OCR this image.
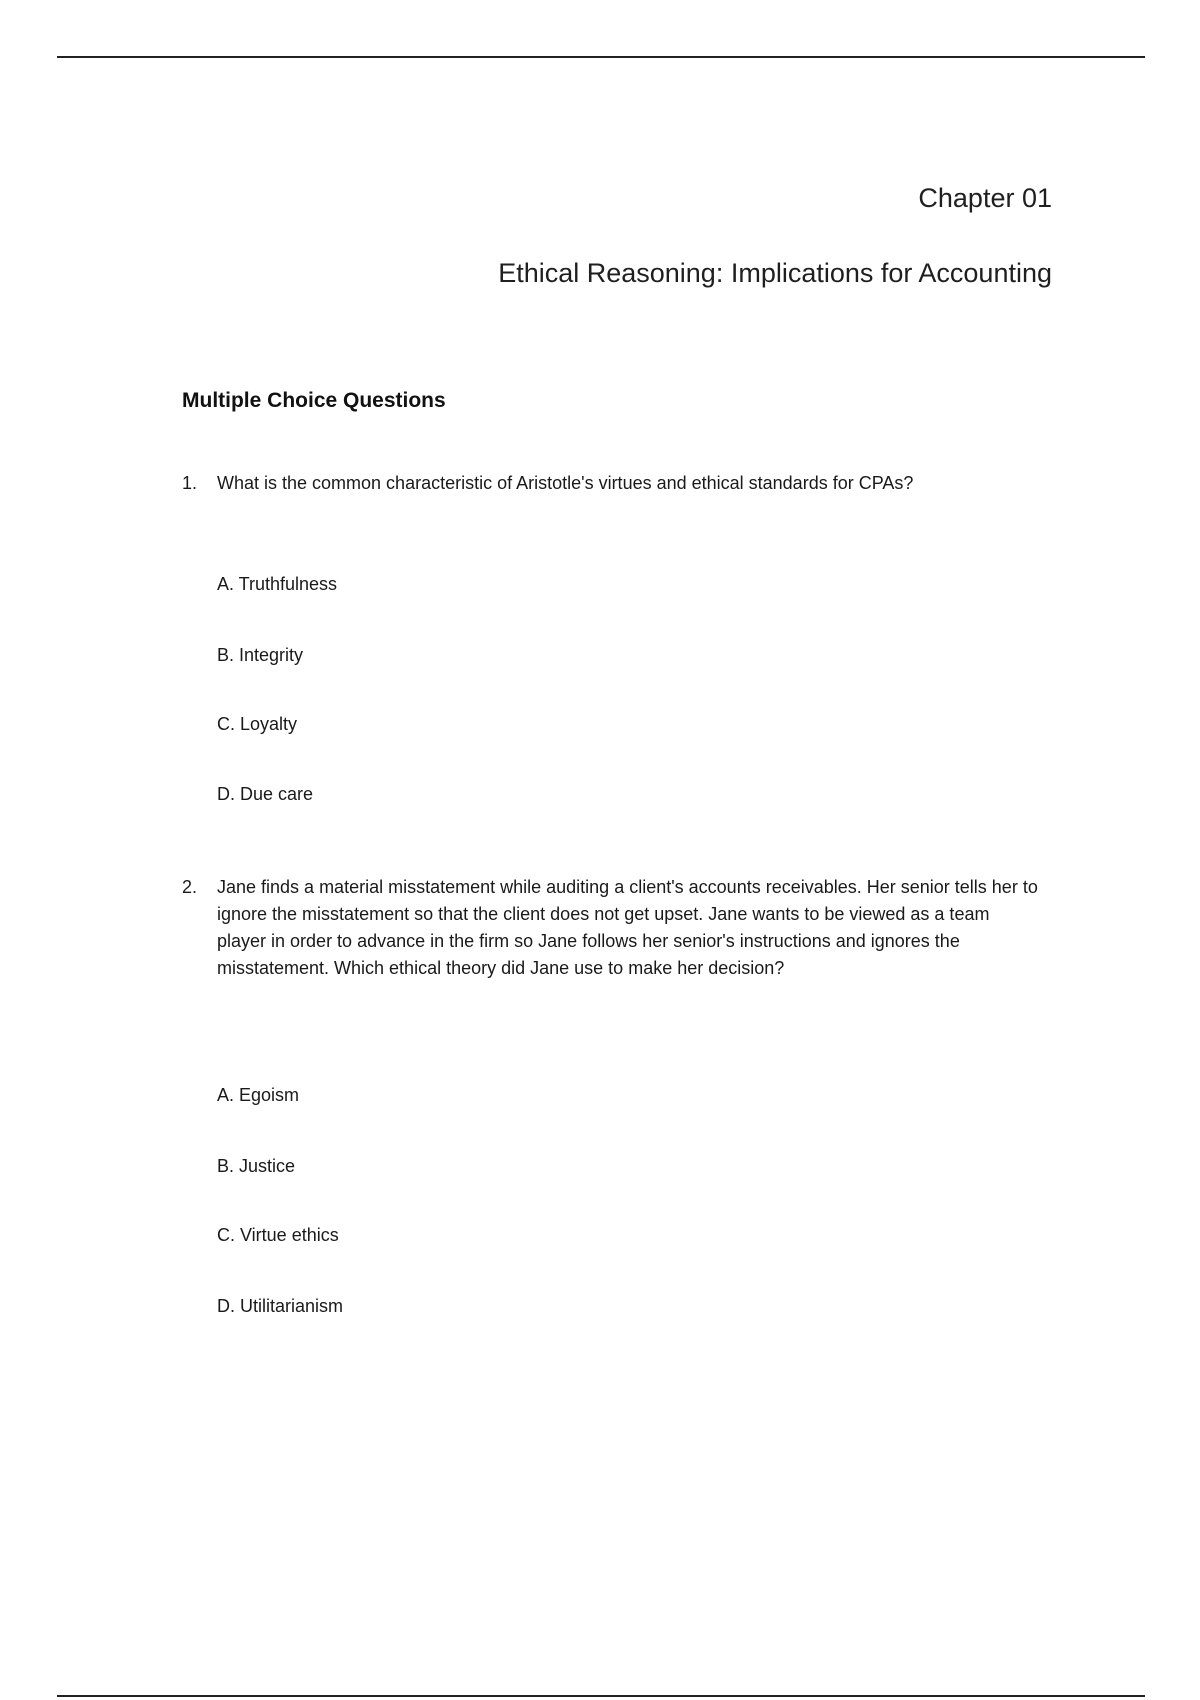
Chapter 01
Ethical Reasoning: Implications for Accounting
Multiple Choice Questions
1.	What is the common characteristic of Aristotle's virtues and ethical standards for CPAs?
A. Truthfulness
B. Integrity
C. Loyalty
D. Due care
2.	Jane finds a material misstatement while auditing a client's accounts receivables. Her senior tells her to ignore the misstatement so that the client does not get upset. Jane wants to be viewed as a team player in order to advance in the firm so Jane follows her senior's instructions and ignores the misstatement. Which ethical theory did Jane use to make her decision?
A. Egoism
B. Justice
C. Virtue ethics
D. Utilitarianism
